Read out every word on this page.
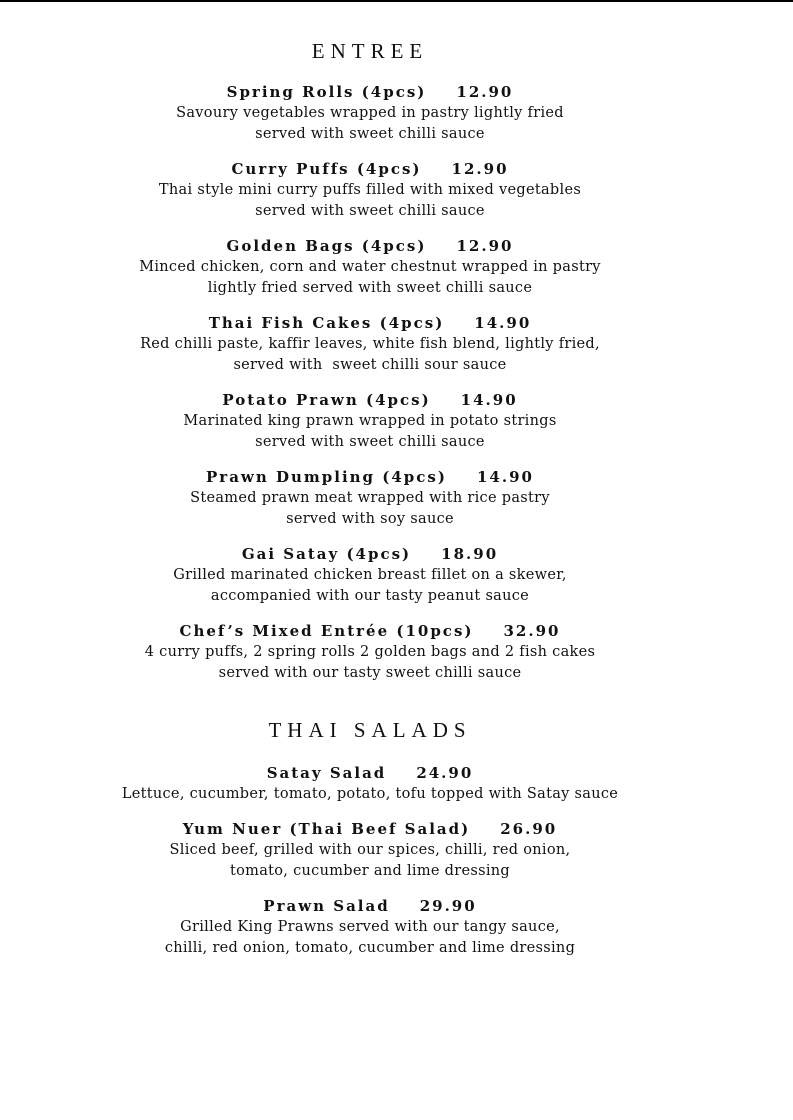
ENTREE
Spring Rolls (4pcs) 12.90
Savoury vegetables wrapped in pastry lightly fried
served with sweet chilli sauce
Curry Puffs (4pcs) 12.90
Thai style mini curry puffs filled with mixed vegetables
served with sweet chilli sauce
Golden Bags (4pcs) 12.90
Minced chicken, corn and water chestnut wrapped in pastry
lightly fried served with sweet chilli sauce
Thai Fish Cakes (4pcs) 14.90
Red chilli paste, kaffir leaves, white fish blend, lightly fried,
served with  sweet chilli sour sauce
Potato Prawn (4pcs) 14.90
Marinated king prawn wrapped in potato strings
served with sweet chilli sauce
Prawn Dumpling (4pcs) 14.90
Steamed prawn meat wrapped with rice pastry
served with soy sauce
Gai Satay (4pcs) 18.90
Grilled marinated chicken breast fillet on a skewer,
accompanied with our tasty peanut sauce
Chef’s Mixed Entrée (10pcs) 32.90
4 curry puffs, 2 spring rolls 2 golden bags and 2 fish cakes
served with our tasty sweet chilli sauce
THAI SALADS
Satay Salad 24.90
Lettuce, cucumber, tomato, potato, tofu topped with Satay sauce
Yum Nuer (Thai Beef Salad) 26.90
Sliced beef, grilled with our spices, chilli, red onion,
tomato, cucumber and lime dressing
Prawn Salad 29.90
Grilled King Prawns served with our tangy sauce,
chilli, red onion, tomato, cucumber and lime dressing
